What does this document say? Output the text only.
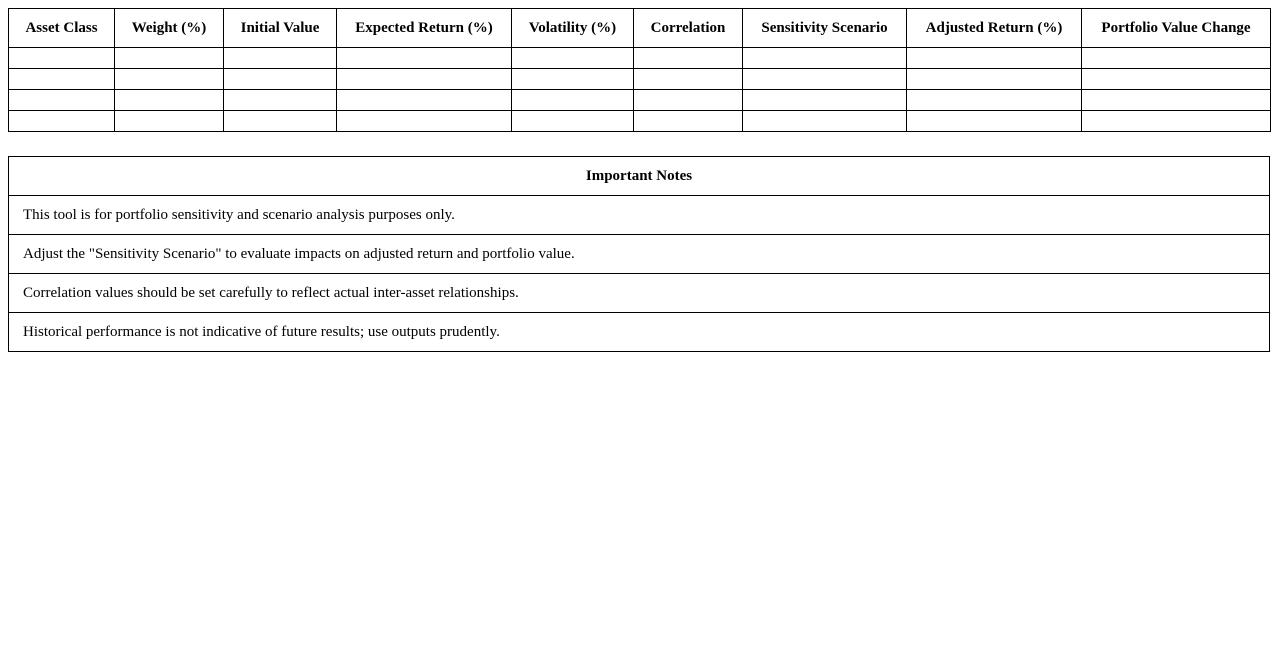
Asset Class	Weight (%)	Initial Value	Expected Return (%)	Volatility (%)	Correlation	Sensitivity Scenario	Adjusted Return (%)	Portfolio Value Change

Important Notes
This tool is for portfolio sensitivity and scenario analysis purposes only.
Adjust the "Sensitivity Scenario" to evaluate impacts on adjusted return and portfolio value.
Correlation values should be set carefully to reflect actual inter-asset relationships.
Historical performance is not indicative of future results; use outputs prudently.
